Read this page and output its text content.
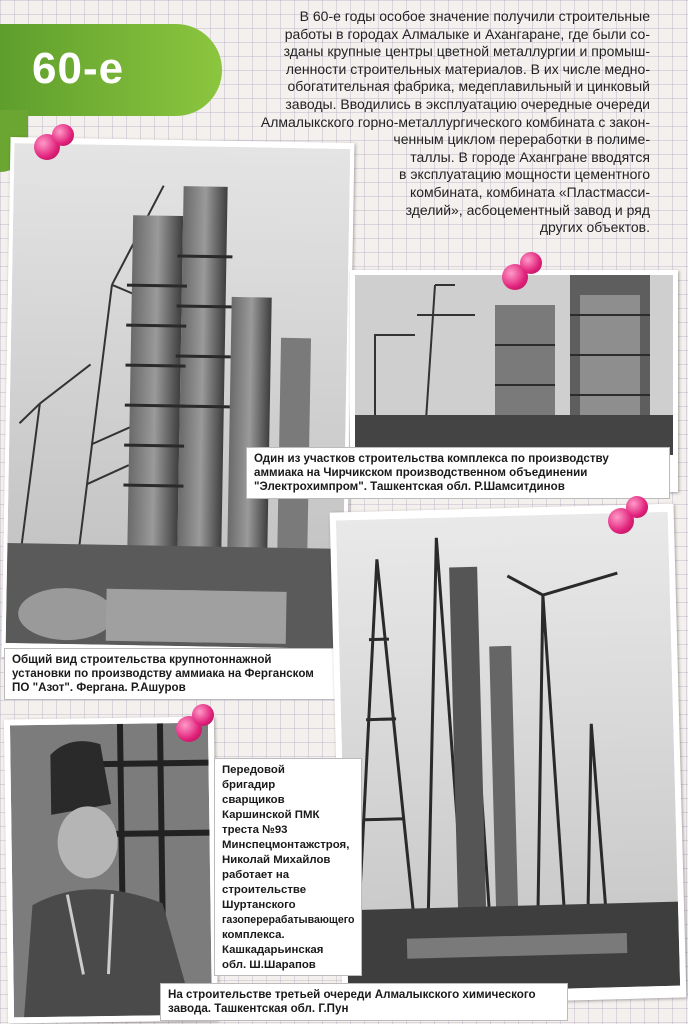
60-е
В 60-е годы особое значение получили строительные
работы в городах Алмалыке и Ахангаране, где были со-
зданы крупные центры цветной металлургии и промыш-
ленности строительных материалов. В их числе медно-
обогатительная фабрика, медеплавильный и цинковый
заводы. Вводились в эксплуатацию очередные очереди
Алмалыкского горно-металлургического комбината с закон-
ченным циклом переработки в полиме-
таллы. В городе Ахангране вводятся
в эксплуатацию мощности цементного
комбината, комбината «Пластмасси-
зделий», асбоцементный завод и ряд
других объектов.
Общий вид строительства крупнотоннажной
установки по производству аммиака на Ферганском
ПО "Азот". Фергана. Р.Ашуров
Один из участков строительства комплекса по производству
аммиака на Чирчикском производственном объединении
"Электрохимпром". Ташкентская обл. Р.Шамситдинов
Передовой
бригадир
сварщиков
Каршинской ПМК
треста №93
Минспецмонтажстроя,
Николай Михайлов
работает на
строительстве
Шуртанского
газоперерабатывающего
комплекса.
Кашкадарьинская
обл. Ш.Шарапов
На строительстве третьей очереди Алмалыкского химического
завода. Ташкентская обл. Г.Пун
